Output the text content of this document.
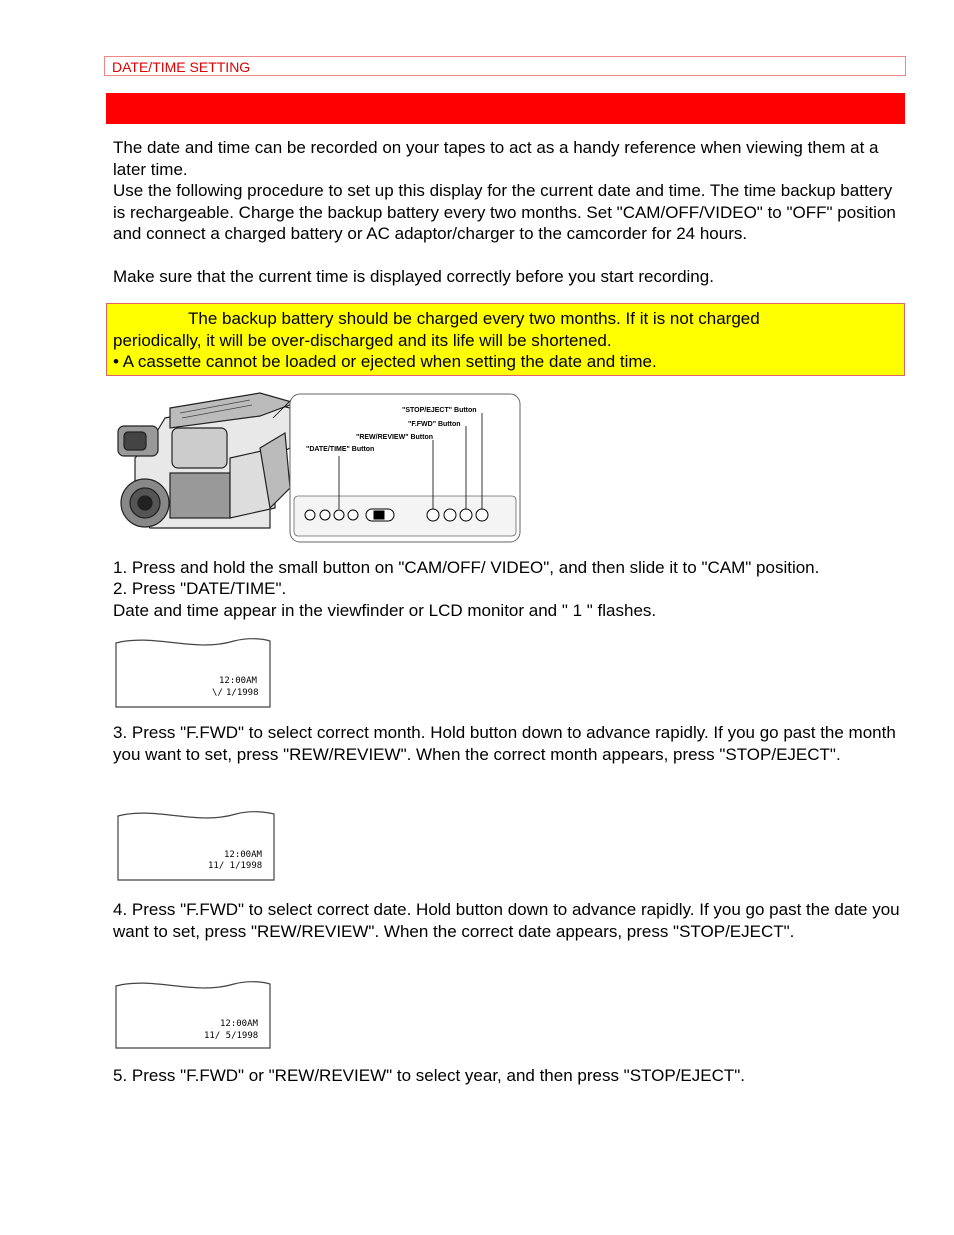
DATE/TIME SETTING

The date and time can be recorded on your tapes to act as a handy reference when viewing them at a later time.

Use the following procedure to set up this display for the current date and time. The time backup battery is rechargeable. Charge the backup battery every two months. Set "CAM/OFF/VIDEO" to "OFF" position and connect a charged battery or AC adaptor/charger to the camcorder for 24 hours.

Make sure that the current time is displayed correctly before you start recording.

The backup battery should be charged every two months. If it is not charged
periodically, it will be over-discharged and its life will be shortened.
• A cassette cannot be loaded or ejected when setting the date and time.
"STOP/EJECT" Button
"F.FWD" Button
"REW/REVIEW" Button
"DATE/TIME" Button

1. Press and hold the small button on "CAM/OFF/ VIDEO", and then slide it to "CAM" position.

2. Press "DATE/TIME".

Date and time appear in the viewfinder or LCD monitor and " 1 " flashes.

12:00AM
\/ 1/1998

3. Press "F.FWD" to select correct month. Hold button down to advance rapidly. If you go past the month you want to set, press "REW/REVIEW". When the correct month appears, press "STOP/EJECT".

12:00AM
11/ 1/1998

4. Press "F.FWD" to select correct date. Hold button down to advance rapidly. If you go past the date you want to set, press "REW/REVIEW". When the correct date appears, press "STOP/EJECT".

12:00AM
11/ 5/1998

5. Press "F.FWD" or "REW/REVIEW" to select year, and then press "STOP/EJECT".
